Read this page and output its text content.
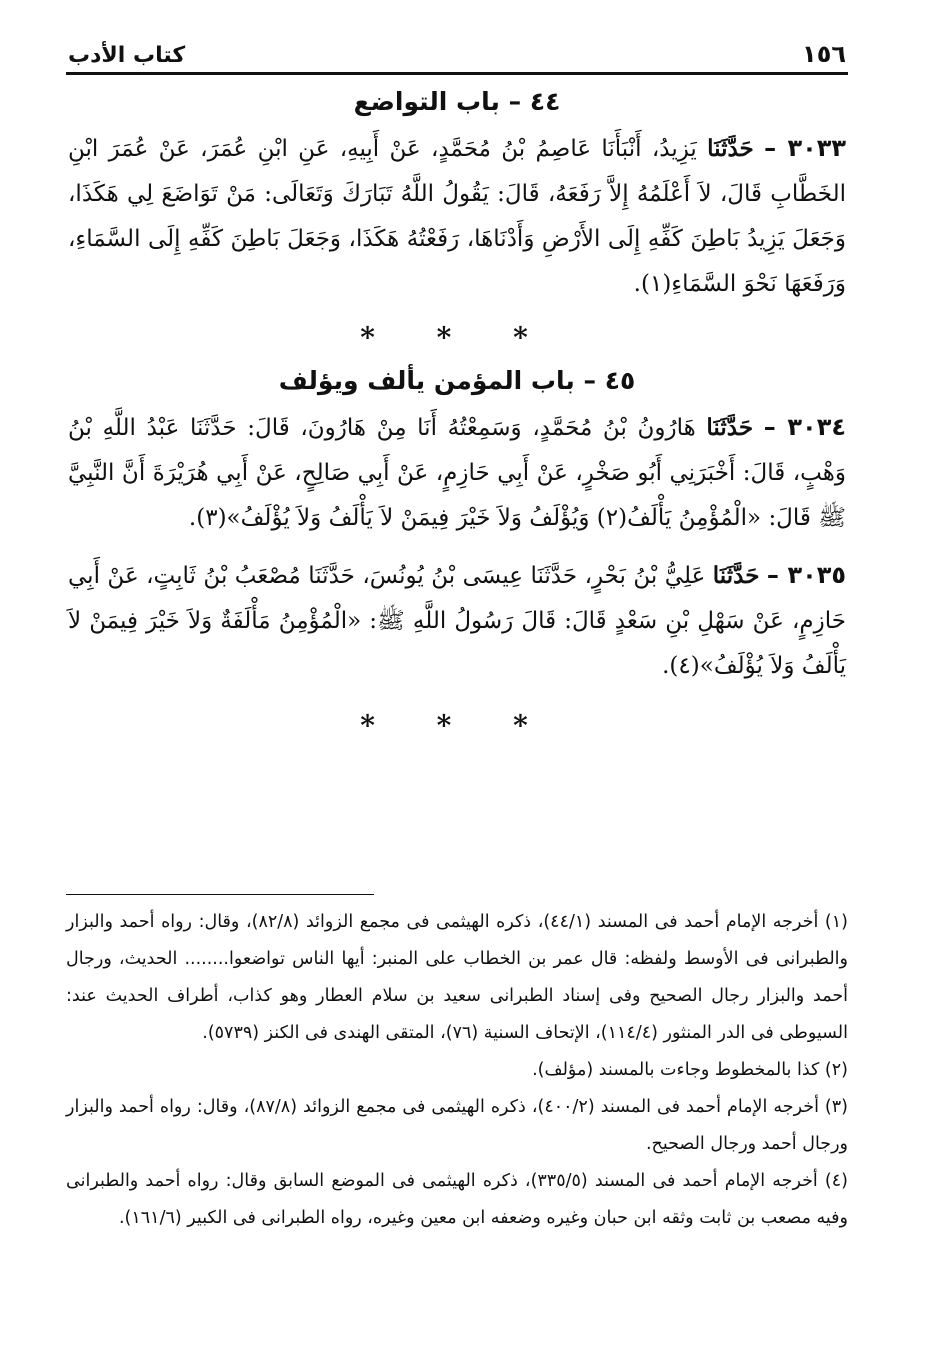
١٥٦
كتاب الأدب
٤٤ – باب التواضع

٣٠٣٣ – حَدَّثَنَا يَزِيدُ، أَنْبَأَنَا عَاصِمُ بْنُ مُحَمَّدٍ، عَنْ أَبِيهِ، عَنِ ابْنِ عُمَرَ، عَنْ عُمَرَ ابْنِ الخَطَّابِ قَالَ، لاَ أَعْلَمُهُ إِلاَّ رَفَعَهُ، قَالَ: يَقُولُ اللَّهُ تَبَارَكَ وَتَعَالَى: مَنْ تَوَاضَعَ لِي هَكَذَا، وَجَعَلَ يَزِيدُ بَاطِنَ كَفِّهِ إِلَى الأَرْضِ وَأَدْنَاهَا، رَفَعْتُهُ هَكَذَا، وَجَعَلَ بَاطِنَ كَفِّهِ إِلَى السَّمَاءِ، وَرَفَعَهَا نَحْوَ السَّمَاءِ(١).

* * *
٤٥ – باب المؤمن يألف ويؤلف

٣٠٣٤ – حَدَّثَنَا هَارُونُ بْنُ مُحَمَّدٍ، وَسَمِعْتُهُ أَنَا مِنْ هَارُونَ، قَالَ: حَدَّثَنَا عَبْدُ اللَّهِ بْنُ وَهْبٍ، قَالَ: أَخْبَرَنِي أَبُو صَخْرٍ، عَنْ أَبِي حَازِمٍ، عَنْ أَبِي صَالِحٍ، عَنْ أَبِي هُرَيْرَةَ أَنَّ النَّبِيَّ ﷺ قَالَ: «الْمُؤْمِنُ يَأْلَفُ(٢) وَيُؤْلَفُ وَلاَ خَيْرَ فِيمَنْ لاَ يَأْلَفُ وَلاَ يُؤْلَفُ»(٣).

٣٠٣٥ – حَدَّثَنَا عَلِيُّ بْنُ بَحْرٍ، حَدَّثَنَا عِيسَى بْنُ يُونُسَ، حَدَّثَنَا مُصْعَبُ بْنُ ثَابِتٍ، عَنْ أَبِي حَازِمٍ، عَنْ سَهْلِ بْنِ سَعْدٍ قَالَ: قَالَ رَسُولُ اللَّهِ ﷺ: «الْمُؤْمِنُ مَأْلَفَةٌ وَلاَ خَيْرَ فِيمَنْ لاَ يَأْلَفُ وَلاَ يُؤْلَفُ»(٤).

* * *

(١) أخرجه الإمام أحمد فى المسند (٤٤/١)، ذكره الهيثمى فى مجمع الزوائد (٨٢/٨)، وقال: رواه أحمد والبزار والطبرانى فى الأوسط ولفظه: قال عمر بن الخطاب على المنبر: أيها الناس تواضعوا........ الحديث، ورجال أحمد والبزار رجال الصحيح وفى إسناد الطبرانى سعيد بن سلام العطار وهو كذاب، أطراف الحديث عند: السيوطى فى الدر المنثور (١١٤/٤)، الإتحاف السنية (٧٦)، المتقى الهندى فى الكنز (٥٧٣٩).

(٢) كذا بالمخطوط وجاءت بالمسند (مؤلف).

(٣) أخرجه الإمام أحمد فى المسند (٤٠٠/٢)، ذكره الهيثمى فى مجمع الزوائد (٨٧/٨)، وقال: رواه أحمد والبزار ورجال أحمد ورجال الصحيح.

(٤) أخرجه الإمام أحمد فى المسند (٣٣٥/٥)، ذكره الهيثمى فى الموضع السابق وقال: رواه أحمد والطبرانى وفيه مصعب بن ثابت وثقه ابن حبان وغيره وضعفه ابن معين وغيره، رواه الطبرانى فى الكبير (١٦١/٦).
